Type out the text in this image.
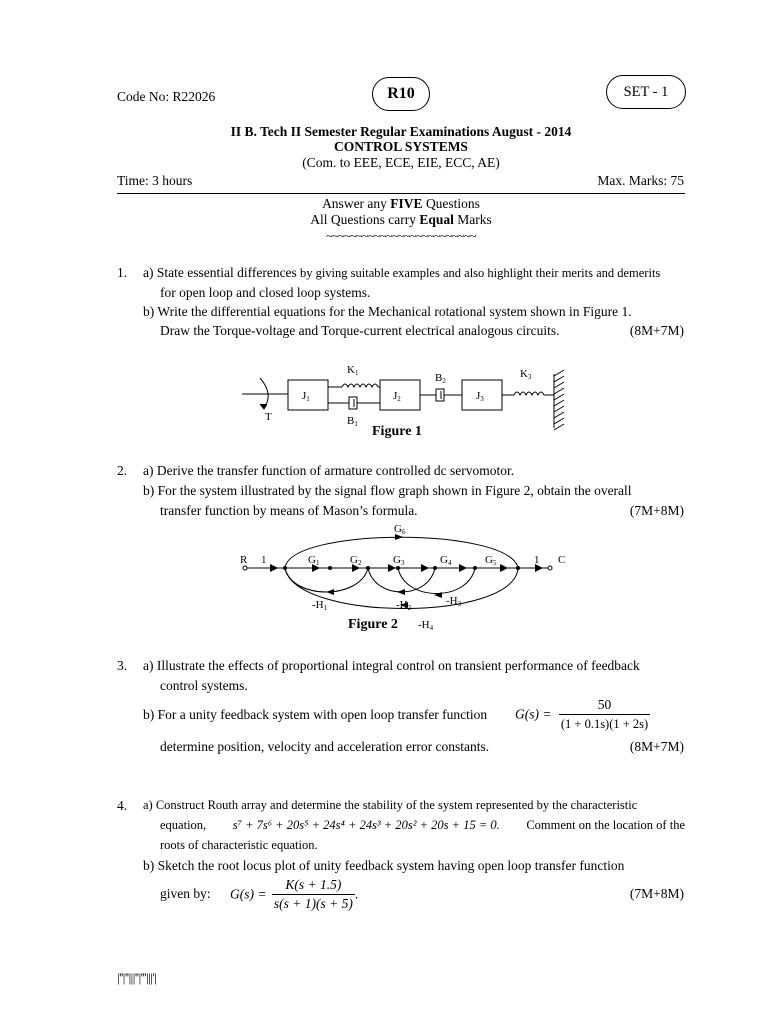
Code No: R22026	R10	SET - 1
II B. Tech II Semester Regular Examinations August - 2014
CONTROL SYSTEMS
(Com. to EEE, ECE, EIE, ECC, AE)
Time: 3 hours	Max. Marks: 75
Answer any FIVE Questions
All Questions carry Equal Marks
~~~~~~~~~~~~~~~~~~~~~~~~~
1. a) State essential differences by giving suitable examples and also highlight their merits and demerits
for open loop and closed loop systems.
b) Write the differential equations for the Mechanical rotational system shown in Figure 1.
Draw the Torque-voltage and Torque-current electrical analogous circuits.	(8M+7M)
J1	J2	J3
K1	K3
B2
B1
T
Figure 1
2. a) Derive the transfer function of armature controlled dc servomotor.
b) For the system illustrated by the signal flow graph shown in Figure 2, obtain the overall
transfer function by means of Mason’s formula.	(7M+8M)
R 1	1 C
G1	G2	G3	G4	G5
G6
-H1	-H2
-H3
-H4
Figure 2
3. a) Illustrate the effects of proportional integral control on transient performance of feedback
control systems.
b) For a unity feedback system with open loop transfer function $G(s) = \frac{50}{(1 + 0.1s)(1 + 2s)}$
determine position, velocity and acceleration error constants.	(8M+7M)
4. a) Construct Routh array and determine the stability of the system represented by the characteristic
equation, s⁷ + 7s⁶ + 20s⁵ + 24s⁴ + 24s³ + 20s² + 20s + 15 = 0. Comment on the location of the
roots of characteristic equation.
b) Sketch the root locus plot of unity feedback system having open loop transfer function
given by: $G(s) = \frac{K(s + 1.5)}{s(s + 1)(s + 5)}$ .	(7M+8M)
|''|''|||''|'''|||'|
